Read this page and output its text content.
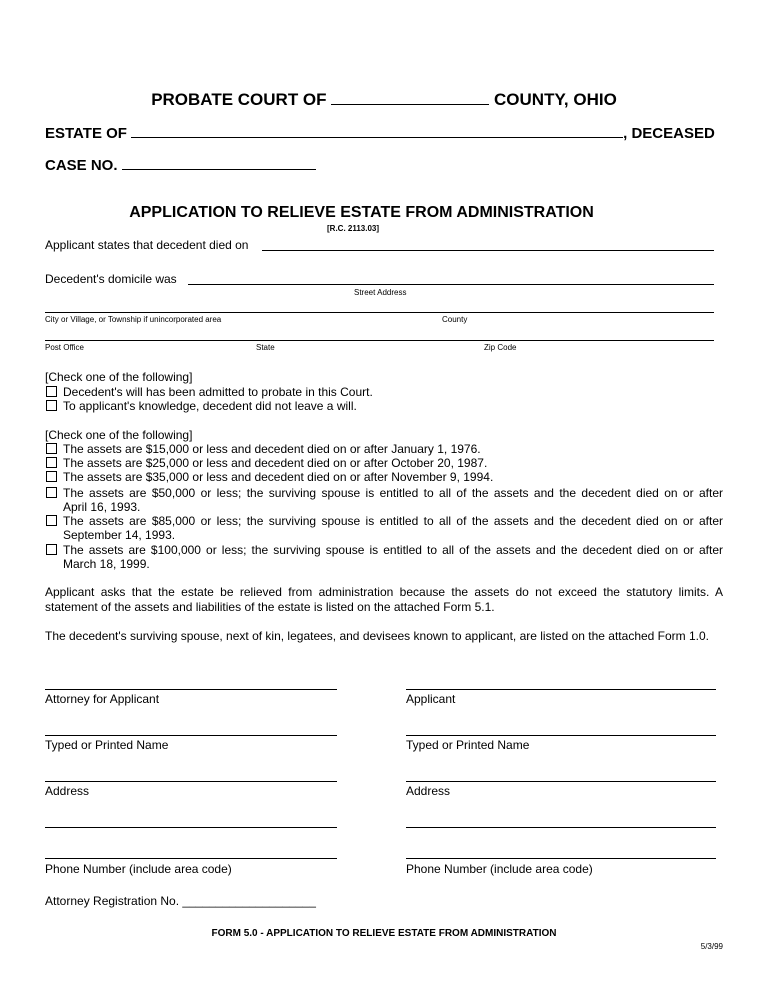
PROBATE COURT OF	COUNTY, OHIO
ESTATE OF	, DECEASED
CASE NO.
APPLICATION TO RELIEVE ESTATE FROM ADMINISTRATION
[R.C. 2113.03]
Applicant states that decedent died on
Decedent's domicile was
Street Address
City or Village, or Township if unincorporated area	County
Post Office	State	Zip Code
[Check one of the following]
Decedent's will has been admitted to probate in this Court.
To applicant's knowledge, decedent did not leave a will.
[Check one of the following]
The assets are $15,000 or less and decedent died on or after January 1, 1976.
The assets are $25,000 or less and decedent died on or after October 20, 1987.
The assets are $35,000 or less and decedent died on or after November 9, 1994.
The assets are $50,000 or less; the surviving spouse is entitled to all of the assets and the decedent died on or after
April 16, 1993.
The assets are $85,000 or less; the surviving spouse is entitled to all of the assets and the decedent died on or after
September 14, 1993.
The assets are $100,000 or less; the surviving spouse is entitled to all of the assets and the decedent died on or after
March 18, 1999.
Applicant asks that the estate be relieved from administration because the assets do not exceed the statutory limits. A statement of the assets and liabilities of the estate is listed on the attached Form 5.1.
The decedent's surviving spouse, next of kin, legatees, and devisees known to applicant, are listed on the attached Form 1.0.
Attorney for Applicant
Typed or Printed Name
Address
Phone Number (include area code)
Attorney Registration No. ____________________
Applicant
Typed or Printed Name
Address
Phone Number (include area code)
FORM 5.0 - APPLICATION TO RELIEVE ESTATE FROM ADMINISTRATION
5/3/99
